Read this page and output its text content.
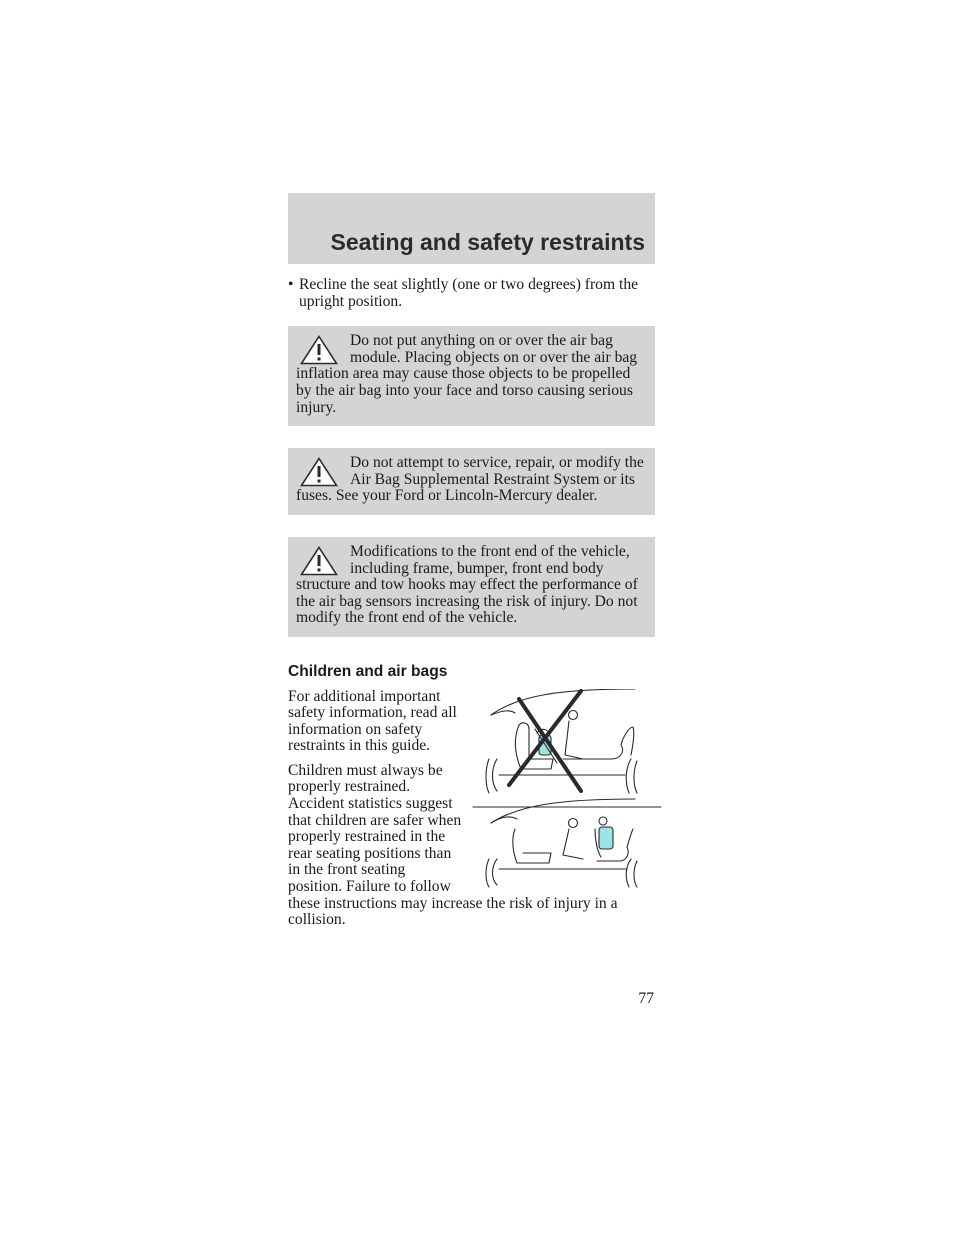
Seating and safety restraints
• Recline the seat slightly (one or two degrees) from the upright position.

Do not put anything on or over the air bag module. Placing objects on or over the air bag inflation area may cause those objects to be propelled by the air bag into your face and torso causing serious injury.

Do not attempt to service, repair, or modify the Air Bag Supplemental Restraint System or its fuses. See your Ford or Lincoln-Mercury dealer.

Modifications to the front end of the vehicle, including frame, bumper, front end body structure and tow hooks may effect the performance of the air bag sensors increasing the risk of injury. Do not modify the front end of the vehicle.

Children and air bags

For additional important safety information, read all information on safety restraints in this guide.

Children must always be properly restrained. Accident statistics suggest that children are safer when properly restrained in the rear seating positions than in the front seating position. Failure to follow these instructions may increase the risk of injury in a collision.

77
